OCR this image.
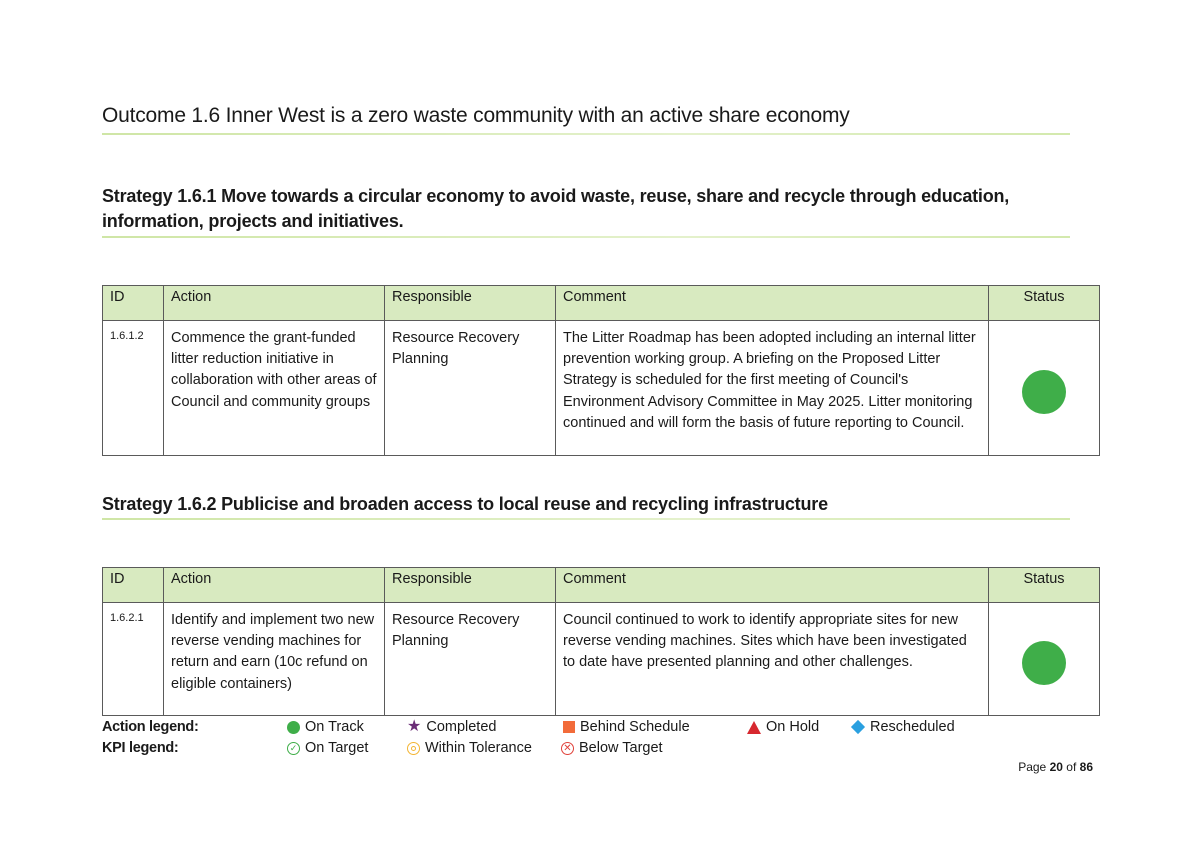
Outcome 1.6 Inner West is a zero waste community with an active share economy
Strategy 1.6.1 Move towards a circular economy to avoid waste, reuse, share and recycle through education, information, projects and initiatives.
ID	Action	Responsible	Comment	Status
1.6.1.2	Commence the grant-funded litter reduction initiative in collaboration with other areas of Council and community groups	Resource Recovery Planning	The Litter Roadmap has been adopted including an internal litter prevention working group. A briefing on the Proposed Litter Strategy is scheduled for the first meeting of Council's Environment Advisory Committee in May 2025. Litter monitoring continued and will form the basis of future reporting to Council.	
Strategy 1.6.2 Publicise and broaden access to local reuse and recycling infrastructure
ID	Action	Responsible	Comment	Status
1.6.2.1	Identify and implement two new reverse vending machines for return and earn (10c refund on eligible containers)	Resource Recovery Planning	Council continued to work to identify appropriate sites for new reverse vending machines. Sites which have been investigated to date have presented planning and other challenges.	
Action legend:	On Track	★ Completed	Behind Schedule	On Hold	Rescheduled
KPI legend:	✓ On Target	Within Tolerance	✕ Below Target
Page 20 of 86
